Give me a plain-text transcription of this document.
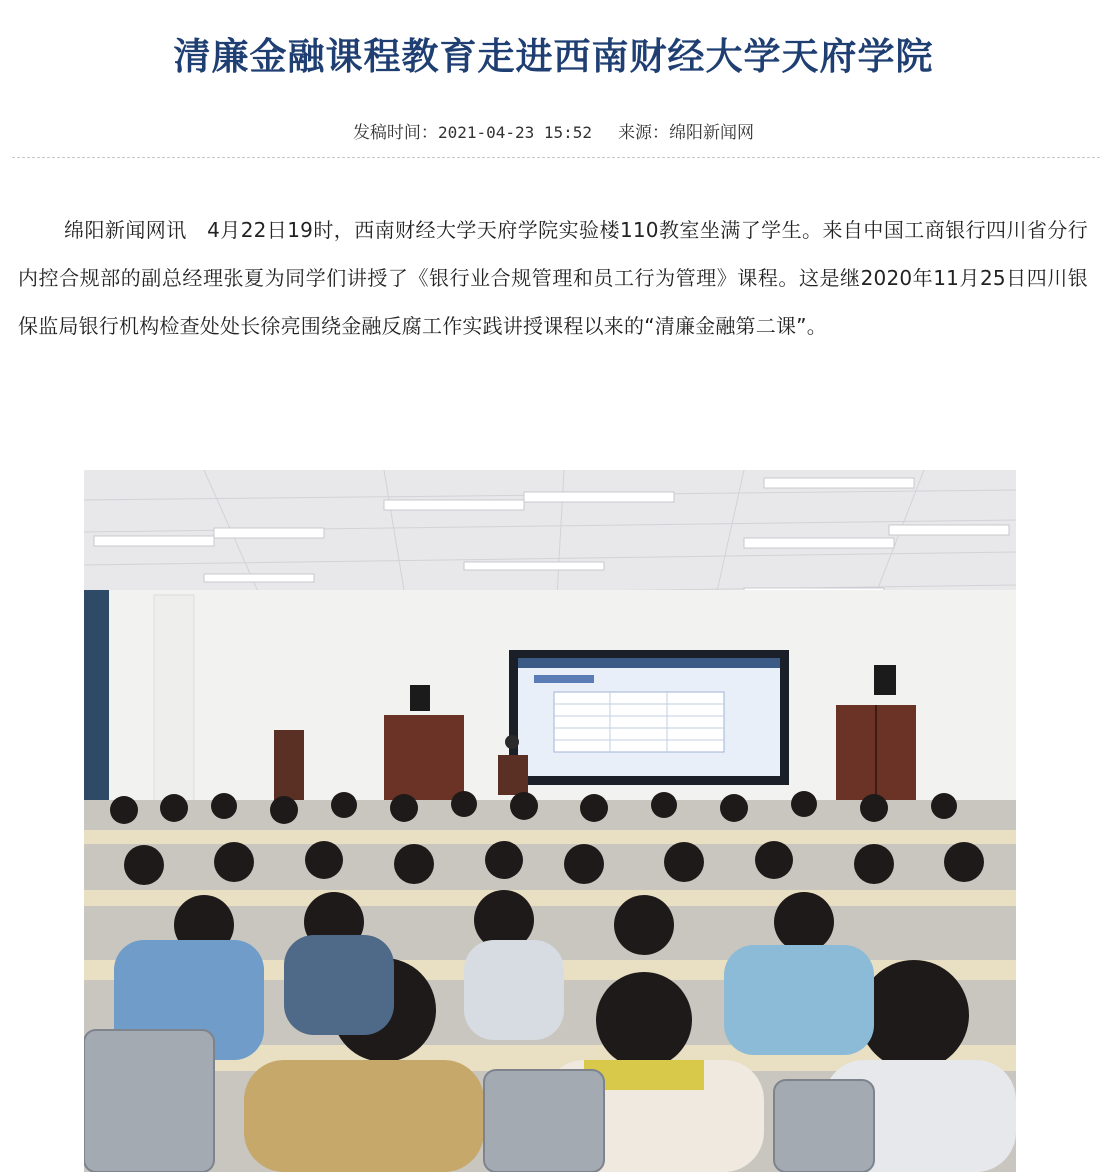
清廉金融课程教育走进西南财经大学天府学院
发稿时间：2021-04-23 15:52 来源：绵阳新闻网

绵阳新闻网讯　4月22日19时，西南财经大学天府学院实验楼110教室坐满了学生。来自中国工商银行四川省分行内控合规部的副总经理张夏为同学们讲授了《银行业合规管理和员工行为管理》课程。这是继2020年11月25日四川银保监局银行机构检查处处长徐亮围绕金融反腐工作实践讲授课程以来的“清廉金融第二课”。
